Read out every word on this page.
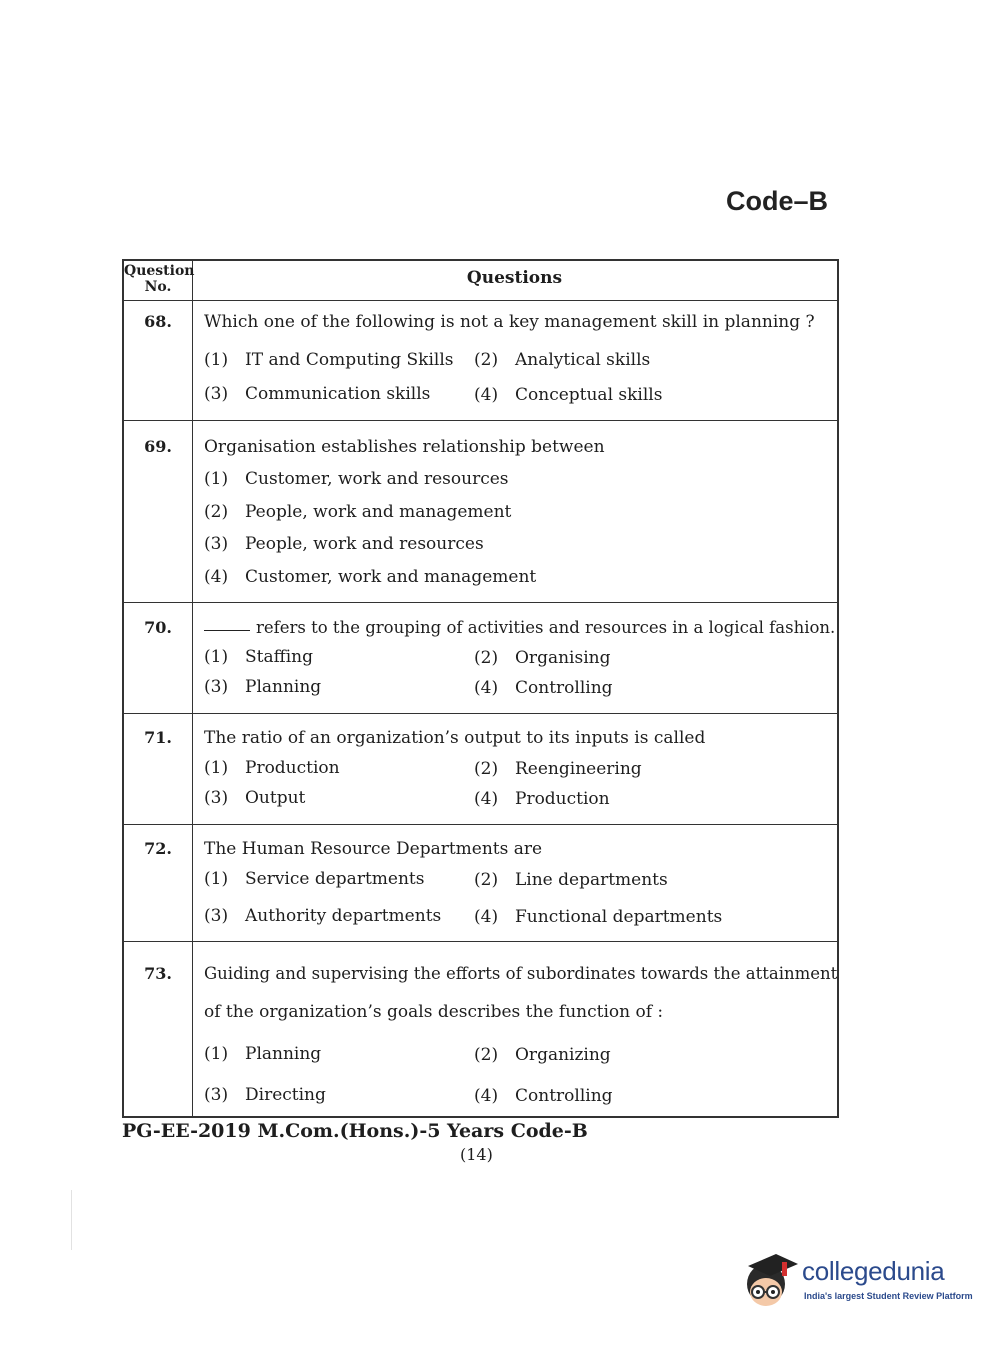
Code–B
Question
No.	Questions
68.	Which one of the following is not a key management skill in planning ?
(1) IT and Computing Skills (2) Analytical skills
(3) Communication skills	(4) Conceptual skills
69.	Organisation establishes relationship between
(1) Customer, work and resources
(2) People, work and management
(3) People, work and resources
(4) Customer, work and management
70.	refers to the grouping of activities and resources in a logical fashion.
(1) Staffing	(2) Organising
(3) Planning	(4) Controlling
71.	The ratio of an organization’s output to its inputs is called
(1) Production	(2) Reengineering
(3) Output	(4) Production
72.	The Human Resource Departments are
(1) Service departments	(2) Line departments
(3) Authority departments (4) Functional departments
73.	Guiding and supervising the efforts of subordinates towards the attainment
of the organization’s goals describes the function of :
(1) Planning	(2) Organizing
(3) Directing	(4) Controlling
PG-EE-2019 M.Com.(Hons.)-5 Years Code-B
(14)
collegedunia
India's largest Student Review Platform
